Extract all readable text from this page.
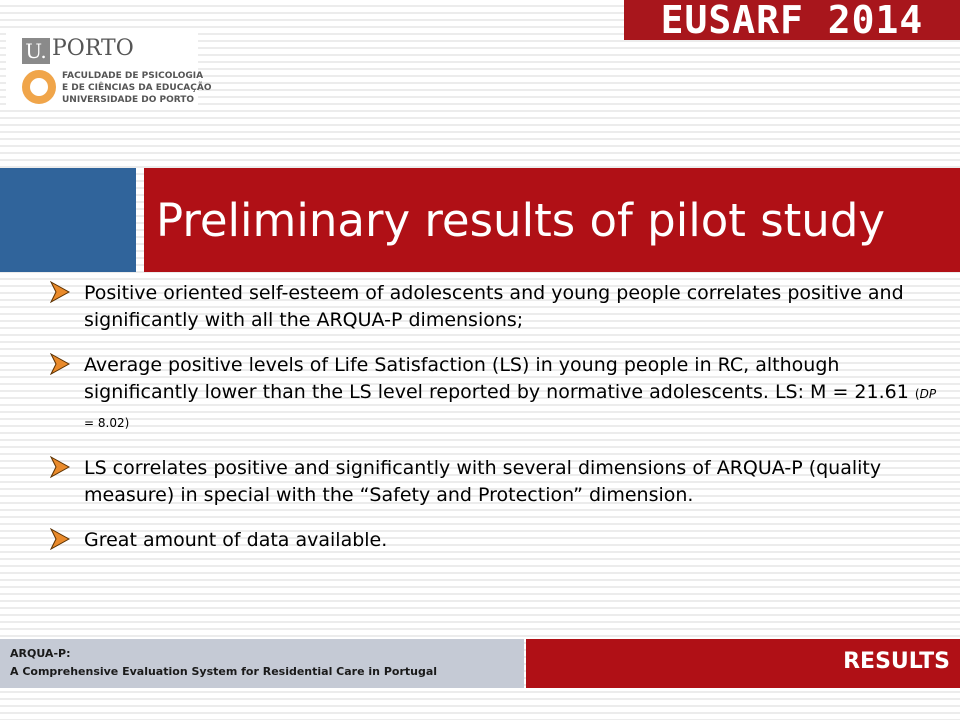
U. PORTO
FACULDADE DE PSICOLOGIA
E DE CIÊNCIAS DA EDUCAÇÃO
UNIVERSIDADE DO PORTO
EUSARF 2014
Preliminary results of pilot study
Positive oriented self-esteem of adolescents and young people correlates positive and significantly with all the ARQUA-P dimensions;
Average positive levels of Life Satisfaction (LS) in young people in RC, although significantly lower than the LS level reported by normative adolescents. LS: M = 21.61 (DP = 8.02)
LS correlates positive and significantly with several dimensions of ARQUA-P (quality measure) in special with the “Safety and Protection” dimension.
Great amount of data available.
ARQUA-P:
A Comprehensive Evaluation System for Residential Care in Portugal	RESULTS
